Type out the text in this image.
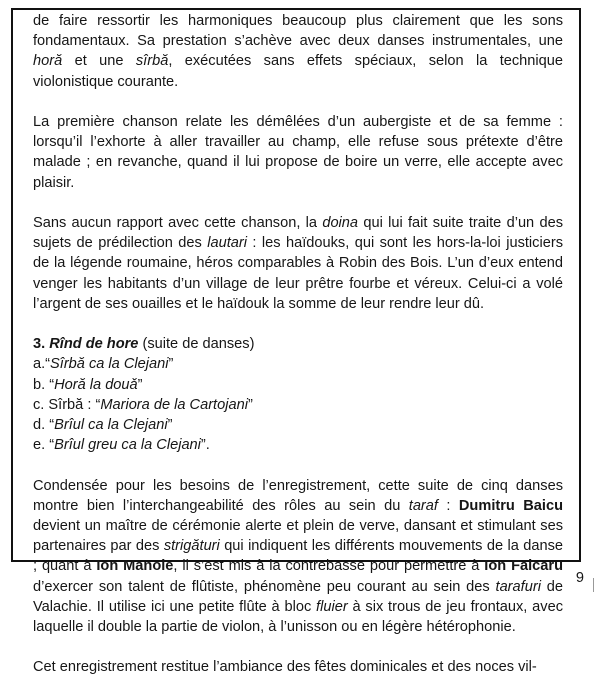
de faire ressortir les harmoniques beaucoup plus clairement que les sons fondamentaux. Sa prestation s’achève avec deux danses instrumentales, une horă et une sîrbă, exécutées sans effets spéciaux, selon la technique violonistique courante.

La première chanson relate les démêlées d’un aubergiste et de sa femme : lorsqu’il l’exhorte à aller travailler au champ, elle refuse sous prétexte d’être malade ; en revanche, quand il lui propose de boire un verre, elle accepte avec plaisir.

Sans aucun rapport avec cette chanson, la doina qui lui fait suite traite d’un des sujets de prédilection des lautari : les haïdouks, qui sont les hors-la-loi justiciers de la légende roumaine, héros comparables à Robin des Bois. L’un d’eux entend venger les habitants d’un village de leur prêtre fourbe et véreux. Celui-ci a volé l’argent de ses ouailles et le haïdouk la somme de leur rendre leur dû.

3. Rînd de hore (suite de danses)
a.“Sîrbă ca la Clejani”
b. “Horă la douǎ”
c. Sîrbă : “Mariora de la Cartojani”
d. “Brîul ca la Clejani”
e. “Brîul greu ca la Clejani”.

Condensée pour les besoins de l’enregistrement, cette suite de cinq danses montre bien l’interchangeabilité des rôles au sein du taraf : Dumitru Baicu devient un maître de cérémonie alerte et plein de verve, dansant et stimulant ses partenaires par des strigături qui indiquent les différents mouvements de la danse ; quant à Ion Manole, il s’est mis à la contrebasse pour permettre à Ion Falcaru d’exercer son talent de flûtiste, phénomène peu courant au sein des tarafuri de Valachie. Il utilise ici une petite flûte à bloc fluier à six trous de jeu frontaux, avec laquelle il double la partie de violon, à l’unisson ou en légère hétérophonie.

Cet enregistrement restitue l’ambiance des fêtes dominicales et des noces vil-

9
